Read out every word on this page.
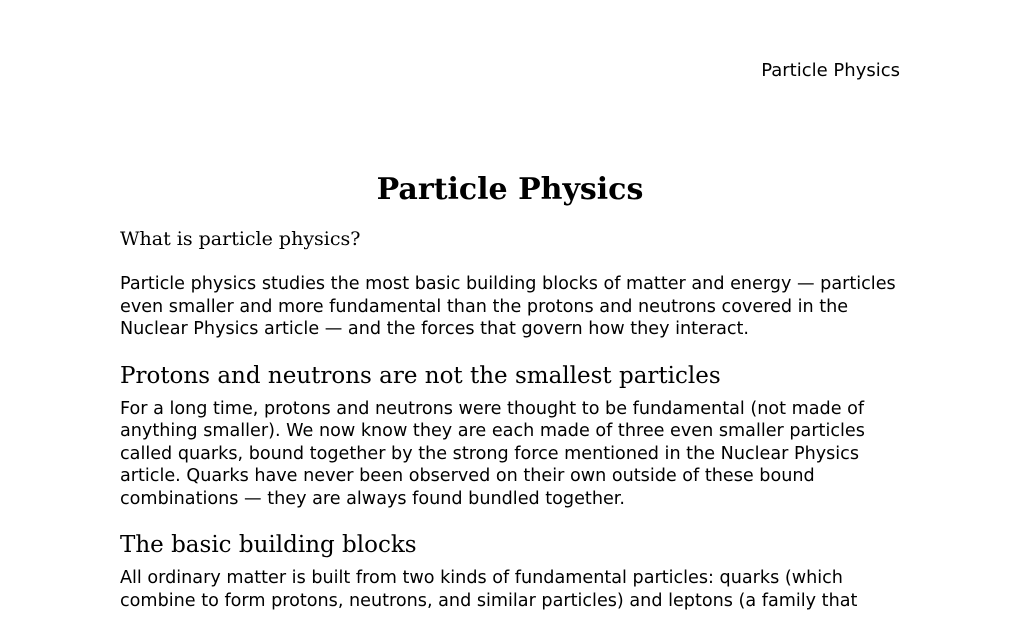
Particle Physics
Particle Physics
What is particle physics?

Particle physics studies the most basic building blocks of matter and energy — particles even smaller and more fundamental than the protons and neutrons covered in the Nuclear Physics article — and the forces that govern how they interact.

Protons and neutrons are not the smallest particles

For a long time, protons and neutrons were thought to be fundamental (not made of anything smaller). We now know they are each made of three even smaller particles called quarks, bound together by the strong force mentioned in the Nuclear Physics article. Quarks have never been observed on their own outside of these bound combinations — they are always found bundled together.

The basic building blocks

All ordinary matter is built from two kinds of fundamental particles: quarks (which combine to form protons, neutrons, and similar particles) and leptons (a family that
